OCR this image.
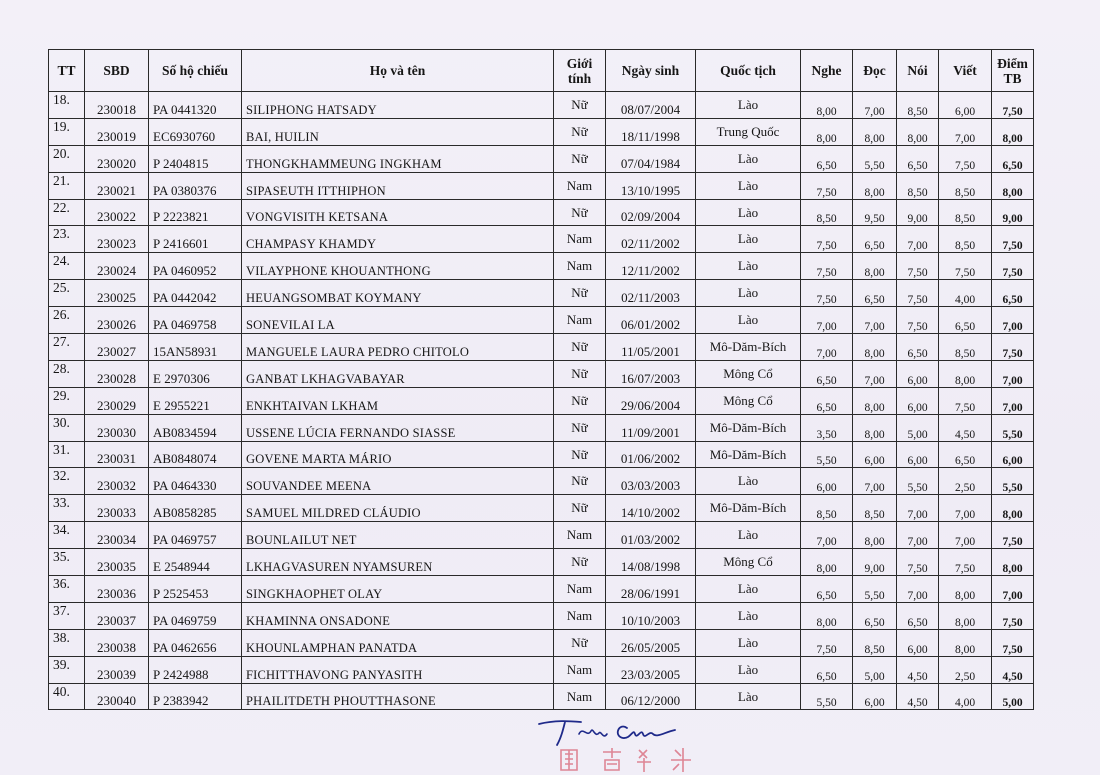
TT	SBD	Số hộ chiếu	Họ và tên	Giới tính	Ngày sinh	Quốc tịch	Nghe	Đọc	Nói	Viết	Điểm TB
18.	230018	PA 0441320	SILIPHONG HATSADY	Nữ	08/07/2004	Lào	8,00	7,00	8,50	6,00	7,50
19.	230019	EC6930760	BAI, HUILIN	Nữ	18/11/1998	Trung Quốc	8,00	8,00	8,00	7,00	8,00
20.	230020	P 2404815	THONGKHAMMEUNG INGKHAM	Nữ	07/04/1984	Lào	6,50	5,50	6,50	7,50	6,50
21.	230021	PA 0380376	SIPASEUTH ITTHIPHON	Nam	13/10/1995	Lào	7,50	8,00	8,50	8,50	8,00
22.	230022	P 2223821	VONGVISITH KETSANA	Nữ	02/09/2004	Lào	8,50	9,50	9,00	8,50	9,00
23.	230023	P 2416601	CHAMPASY KHAMDY	Nam	02/11/2002	Lào	7,50	6,50	7,00	8,50	7,50
24.	230024	PA 0460952	VILAYPHONE KHOUANTHONG	Nam	12/11/2002	Lào	7,50	8,00	7,50	7,50	7,50
25.	230025	PA 0442042	HEUANGSOMBAT KOYMANY	Nữ	02/11/2003	Lào	7,50	6,50	7,50	4,00	6,50
26.	230026	PA 0469758	SONEVILAI LA	Nam	06/01/2002	Lào	7,00	7,00	7,50	6,50	7,00
27.	230027	15AN58931	MANGUELE LAURA PEDRO CHITOLO	Nữ	11/05/2001	Mô-Dăm-Bích	7,00	8,00	6,50	8,50	7,50
28.	230028	E 2970306	GANBAT LKHAGVABAYAR	Nữ	16/07/2003	Mông Cổ	6,50	7,00	6,00	8,00	7,00
29.	230029	E 2955221	ENKHTAIVAN LKHAM	Nữ	29/06/2004	Mông Cổ	6,50	8,00	6,00	7,50	7,00
30.	230030	AB0834594	USSENE LÚCIA FERNANDO SIASSE	Nữ	11/09/2001	Mô-Dăm-Bích	3,50	8,00	5,00	4,50	5,50
31.	230031	AB0848074	GOVENE MARTA MÁRIO	Nữ	01/06/2002	Mô-Dăm-Bích	5,50	6,00	6,00	6,50	6,00
32.	230032	PA 0464330	SOUVANDEE MEENA	Nữ	03/03/2003	Lào	6,00	7,00	5,50	2,50	5,50
33.	230033	AB0858285	SAMUEL MILDRED CLÁUDIO	Nữ	14/10/2002	Mô-Dăm-Bích	8,50	8,50	7,00	7,00	8,00
34.	230034	PA 0469757	BOUNLAILUT NET	Nam	01/03/2002	Lào	7,00	8,00	7,00	7,00	7,50
35.	230035	E 2548944	LKHAGVASUREN NYAMSUREN	Nữ	14/08/1998	Mông Cổ	8,00	9,00	7,50	7,50	8,00
36.	230036	P 2525453	SINGKHAOPHET OLAY	Nam	28/06/1991	Lào	6,50	5,50	7,00	8,00	7,00
37.	230037	PA 0469759	KHAMINNA ONSADONE	Nam	10/10/2003	Lào	8,00	6,50	6,50	8,00	7,50
38.	230038	PA 0462656	KHOUNLAMPHAN PANATDA	Nữ	26/05/2005	Lào	7,50	8,50	6,00	8,00	7,50
39.	230039	P 2424988	FICHITTHAVONG PANYASITH	Nam	23/03/2005	Lào	6,50	5,00	4,50	2,50	4,50
40.	230040	P 2383942	PHAILITDETH PHOUTTHASONE	Nam	06/12/2000	Lào	5,50	6,00	4,50	4,00	5,00
